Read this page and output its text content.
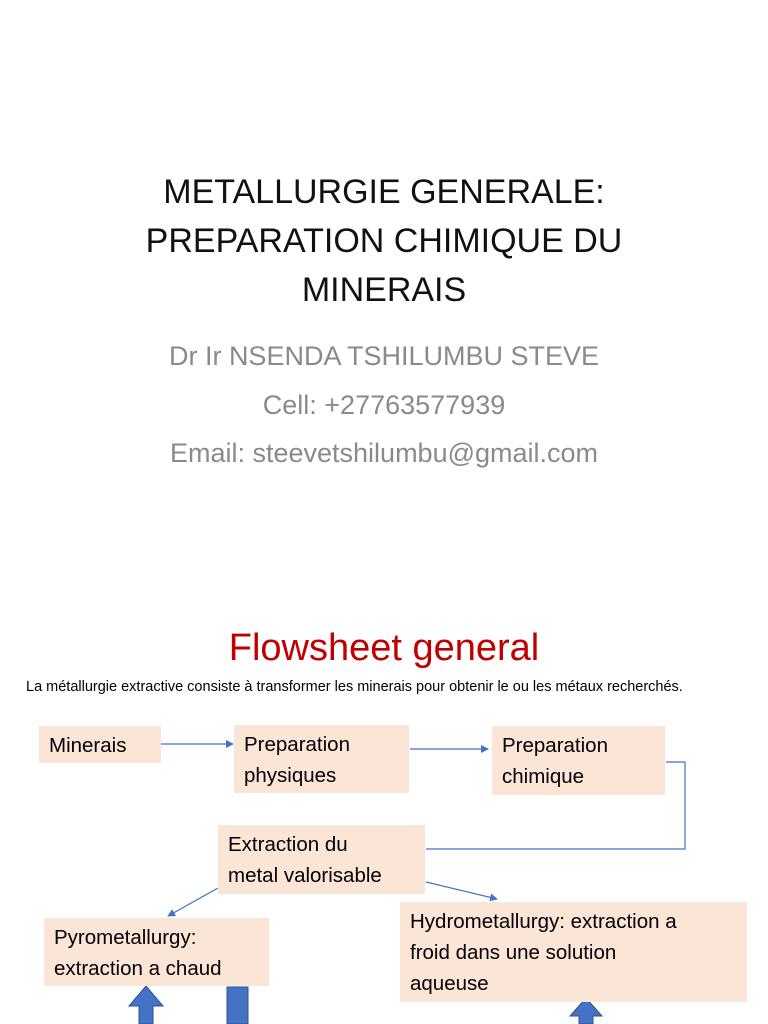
METALLURGIE GENERALE:
PREPARATION CHIMIQUE DU
MINERAIS
Dr Ir NSENDA TSHILUMBU STEVE
Cell: +27763577939
Email: steevetshilumbu@gmail.com
Flowsheet general
La métallurgie extractive consiste à transformer les minerais pour obtenir le ou les métaux recherchés.
Minerais	Preparation
physiques
Preparation
chimique
Extraction du
metal valorisable
Pyrometallurgy:
extraction a chaud
Hydrometallurgy: extraction a
froid dans une solution
aqueuse
